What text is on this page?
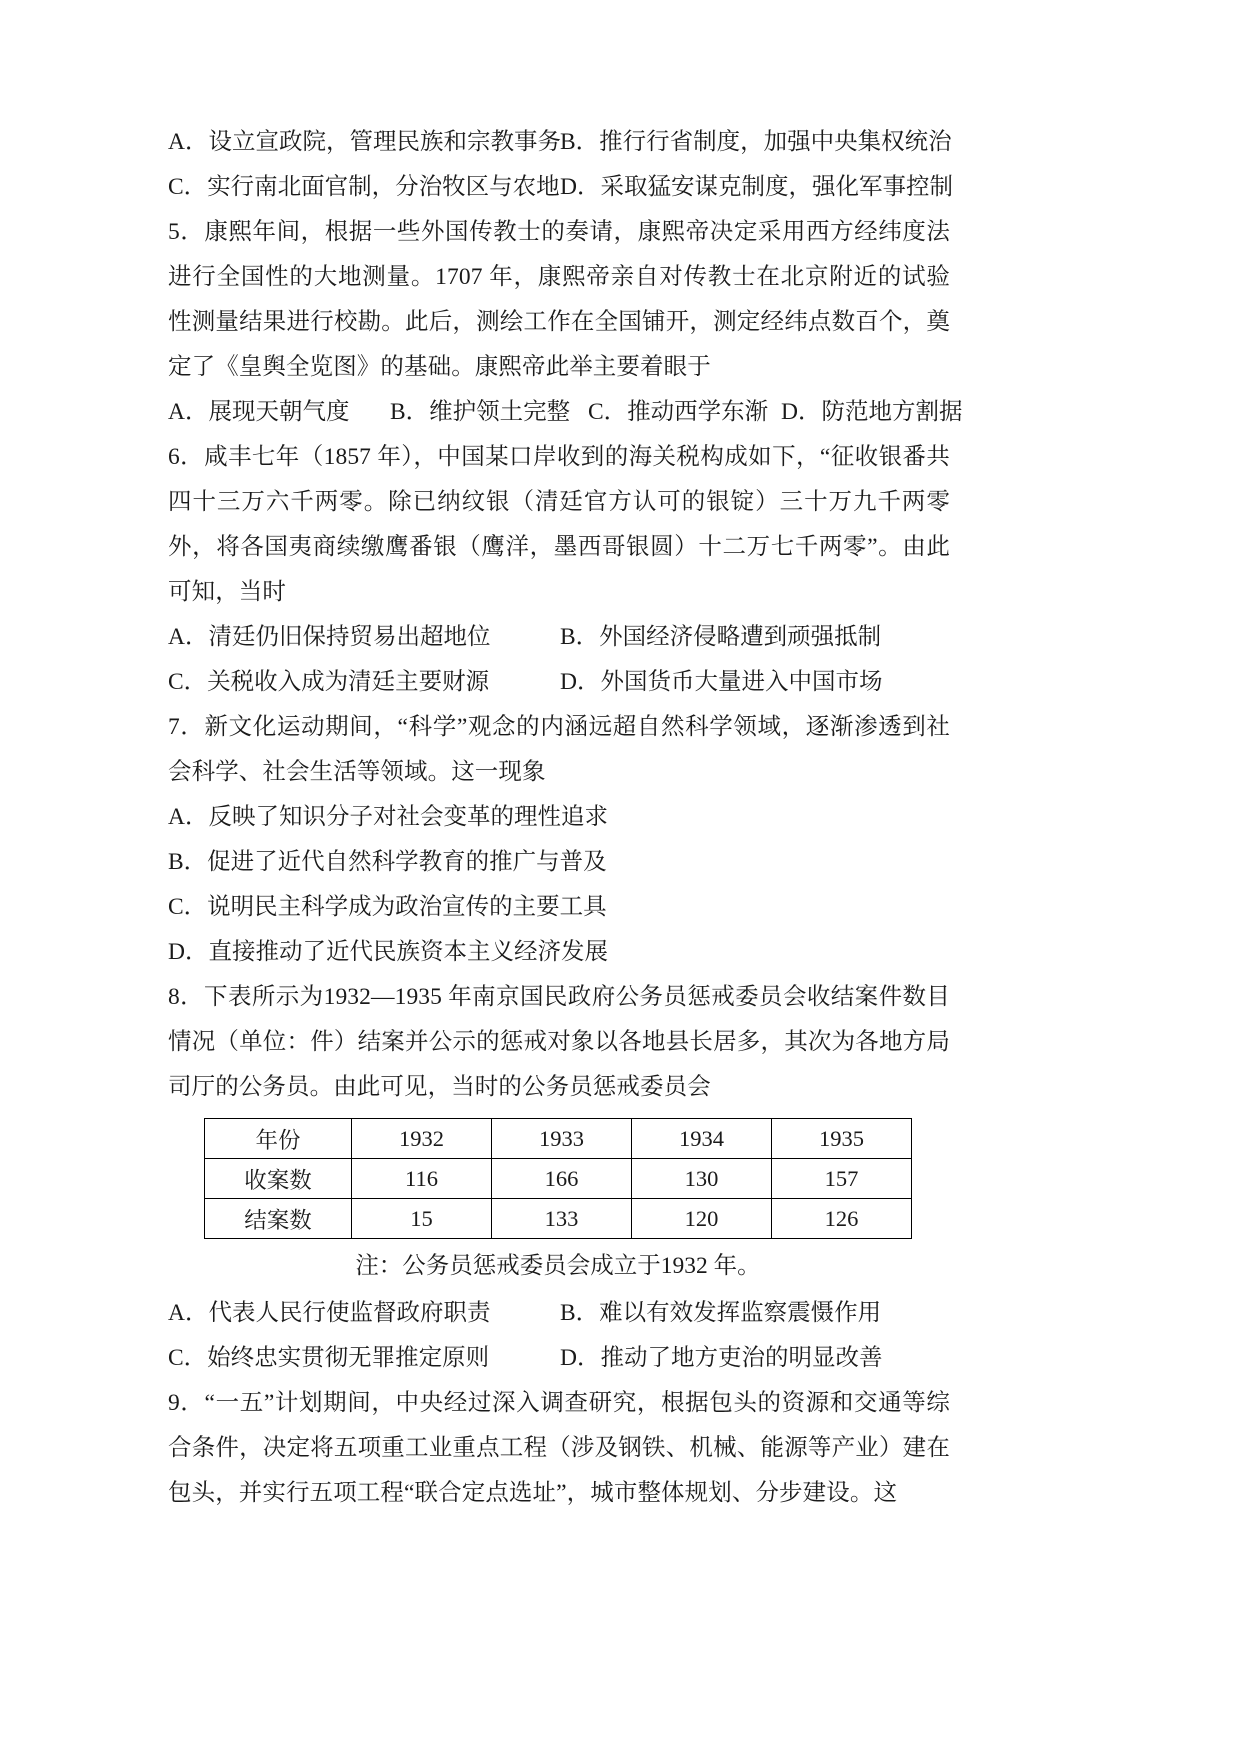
A．设立宣政院，管理民族和宗教事务 B．推行行省制度，加强中央集权统治
C．实行南北面官制，分治牧区与农地 D．采取猛安谋克制度，强化军事控制
5．康熙年间，根据一些外国传教士的奏请，康熙帝决定采用西方经纬度法进行全国性的大地测量。1707 年，康熙帝亲自对传教士在北京附近的试验性测量结果进行校勘。此后，测绘工作在全国铺开，测定经纬点数百个，奠定了《皇舆全览图》的基础。康熙帝此举主要着眼于
A．展现天朝气度	B．维护领土完整 C．推动西学东渐 D．防范地方割据
6．咸丰七年（1857 年），中国某口岸收到的海关税构成如下，“征收银番共四十三万六千两零。除已纳纹银（清廷官方认可的银锭）三十万九千两零外，将各国夷商续缴鹰番银（鹰洋，墨西哥银圆）十二万七千两零”。由此可知，当时
A．清廷仍旧保持贸易出超地位	B．外国经济侵略遭到顽强抵制
C．关税收入成为清廷主要财源	D．外国货币大量进入中国市场
7．新文化运动期间，“科学”观念的内涵远超自然科学领域，逐渐渗透到社会科学、社会生活等领域。这一现象
A．反映了知识分子对社会变革的理性追求
B．促进了近代自然科学教育的推广与普及
C．说明民主科学成为政治宣传的主要工具
D．直接推动了近代民族资本主义经济发展
8．下表所示为1932—1935 年南京国民政府公务员惩戒委员会收结案件数目情况（单位：件）结案并公示的惩戒对象以各地县长居多，其次为各地方局司厅的公务员。由此可见，当时的公务员惩戒委员会
年份	1932	1933	1934	1935
收案数	116	166	130	157
结案数	15	133	120	126
注：公务员惩戒委员会成立于1932 年。
A．代表人民行使监督政府职责	B．难以有效发挥监察震慑作用
C．始终忠实贯彻无罪推定原则	D．推动了地方吏治的明显改善
9．“一五”计划期间，中央经过深入调查研究，根据包头的资源和交通等综合条件，决定将五项重工业重点工程（涉及钢铁、机械、能源等产业）建在包头，并实行五项工程“联合定点选址”，城市整体规划、分步建设。这
